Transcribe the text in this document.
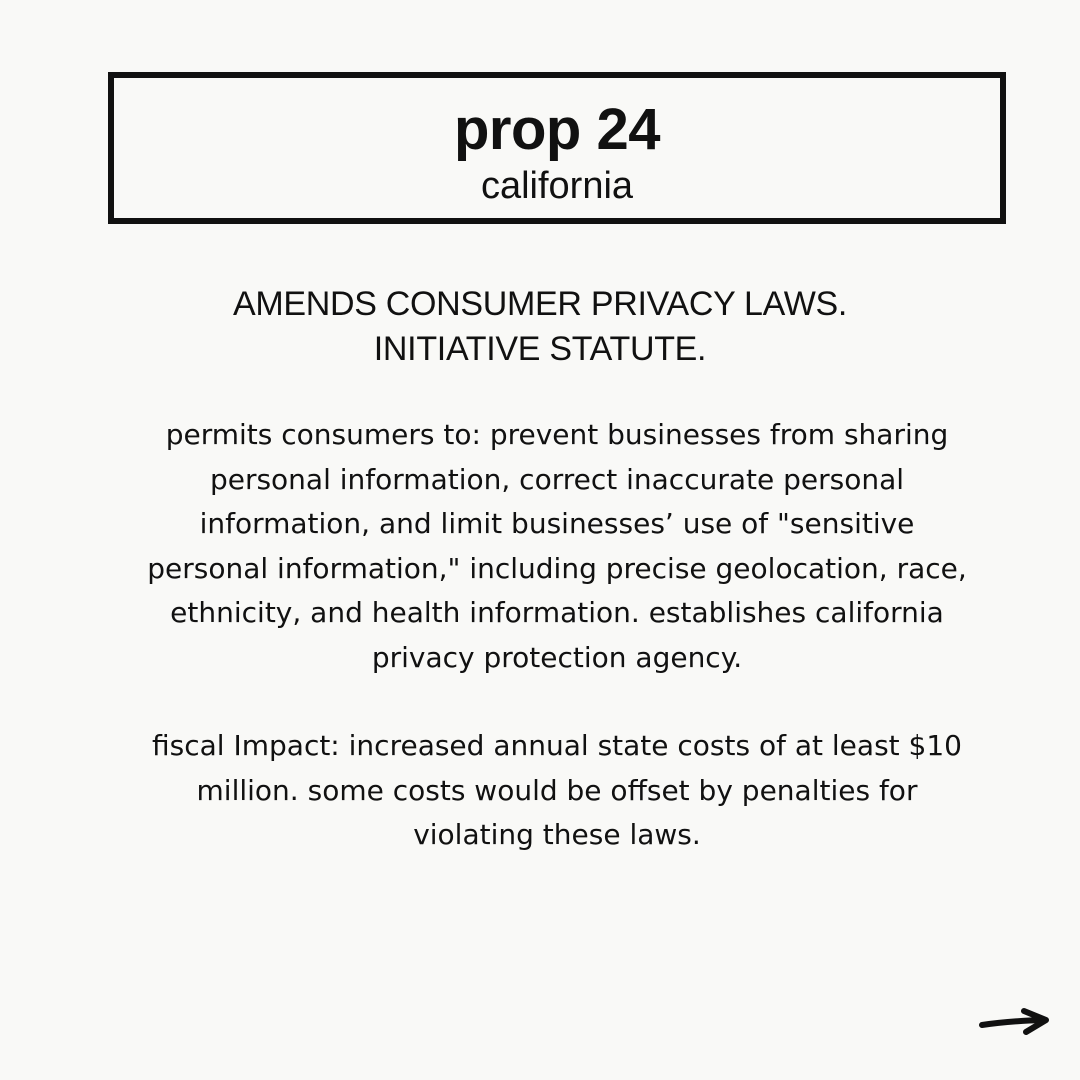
prop 24
california
AMENDS CONSUMER PRIVACY LAWS.
INITIATIVE STATUTE.
permits consumers to: prevent businesses from sharing
personal information, correct inaccurate personal
information, and limit businesses’ use of "sensitive
personal information," including precise geolocation, race,
ethnicity, and health information. establishes california
privacy protection agency.
fiscal Impact: increased annual state costs of at least $10
million. some costs would be offset by penalties for
violating these laws.
